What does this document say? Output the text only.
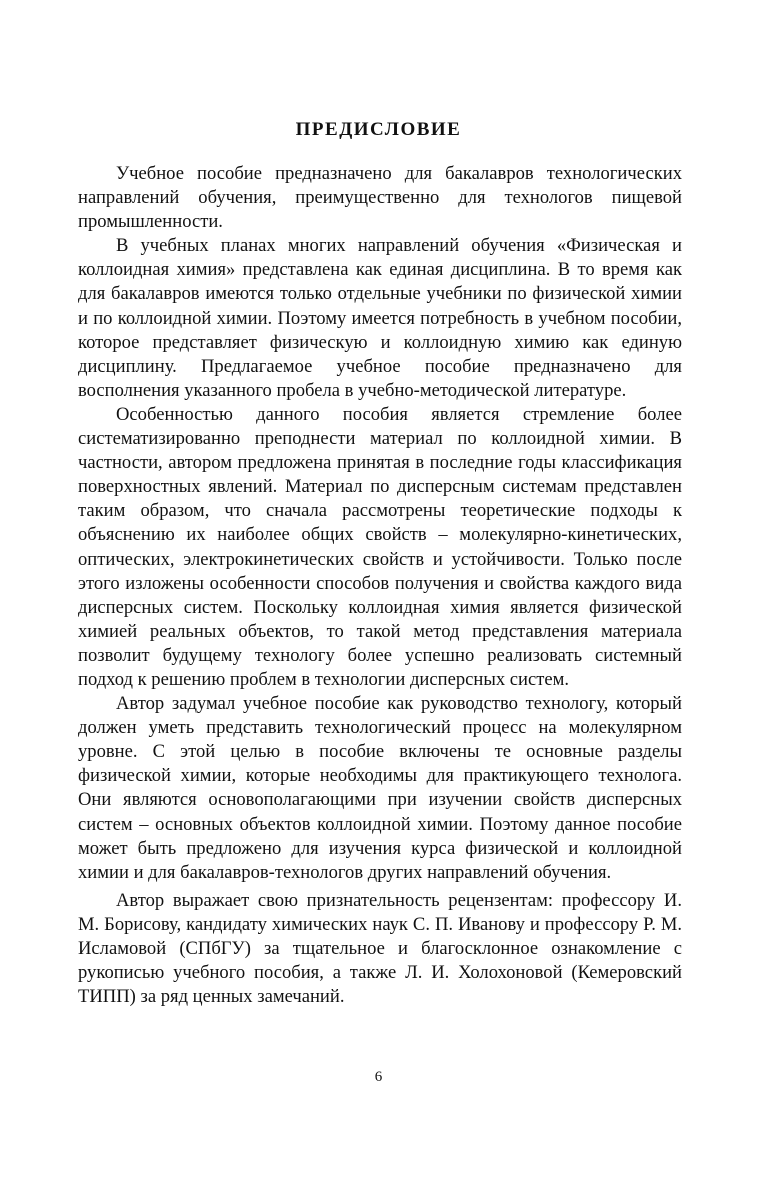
ПРЕДИСЛОВИЕ

Учебное пособие предназначено для бакалавров технологических направлений обучения, преимущественно для технологов пищевой промышленности.

В учебных планах многих направлений обучения «Физическая и коллоидная химия» представлена как единая дисциплина. В то время как для бакалавров имеются только отдельные учебники по физической химии и по коллоидной химии. Поэтому имеется потребность в учебном пособии, которое представляет физическую и коллоидную химию как единую дисциплину. Предлагаемое учебное пособие предназначено для восполнения указанного пробела в учебно-методической литературе.

Особенностью данного пособия является стремление более систематизированно преподнести материал по коллоидной химии. В частности, автором предложена принятая в последние годы классификация поверхностных явлений. Материал по дисперсным системам представлен таким образом, что сначала рассмотрены теоретические подходы к объяснению их наиболее общих свойств – молекулярно-кинетических, оптических, электрокинетических свойств и устойчивости. Только после этого изложены особенности способов получения и свойства каждого вида дисперсных систем. Поскольку коллоидная химия является физической химией реальных объектов, то такой метод представления материала позволит будущему технологу более успешно реализовать системный подход к решению проблем в технологии дисперсных систем.

Автор задумал учебное пособие как руководство технологу, который должен уметь представить технологический процесс на молекулярном уровне. С этой целью в пособие включены те основные разделы физической химии, которые необходимы для практикующего технолога. Они являются основополагающими при изучении свойств дисперсных систем – основных объектов коллоидной химии. Поэтому данное пособие может быть предложено для изучения курса физической и коллоидной химии и для бакалавров-технологов других направлений обучения.

Автор выражает свою признательность рецензентам: профессору И. М. Борисову, кандидату химических наук С. П. Иванову и профессору Р. М. Исламовой (СПбГУ) за тщательное и благосклонное ознакомление с рукописью учебного пособия, а также Л. И. Холохоновой (Кемеровский ТИПП) за ряд ценных замечаний.

6
